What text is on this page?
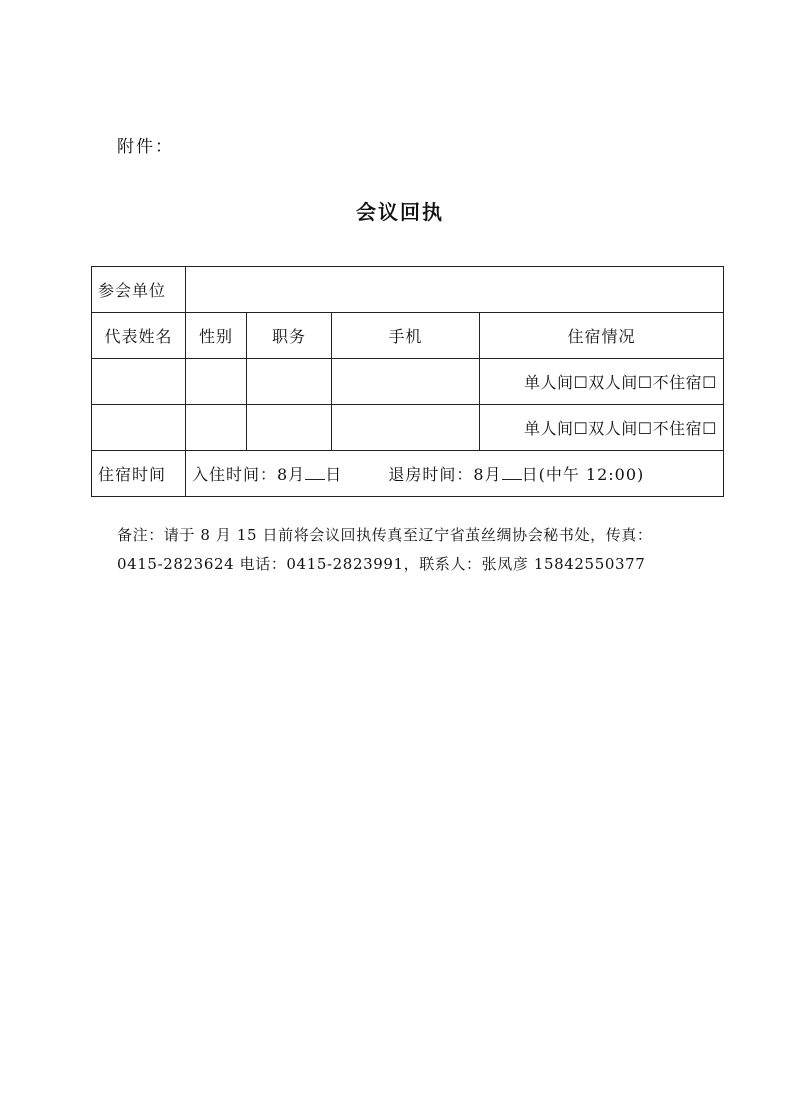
附件：
会议回执
参会单位				
代表姓名	性别	职务	手机	住宿情况
				单人间☐双人间☐不住宿☐
				单人间☐双人间☐不住宿☐
住宿时间	入住时间：8月 日 退房时间：8月 日(中午 12:00)			
备注：请于 8 月 15 日前将会议回执传真至辽宁省茧丝绸协会秘书处，传真：
0415-2823624 电话：0415-2823991，联系人：张凤彦 15842550377
